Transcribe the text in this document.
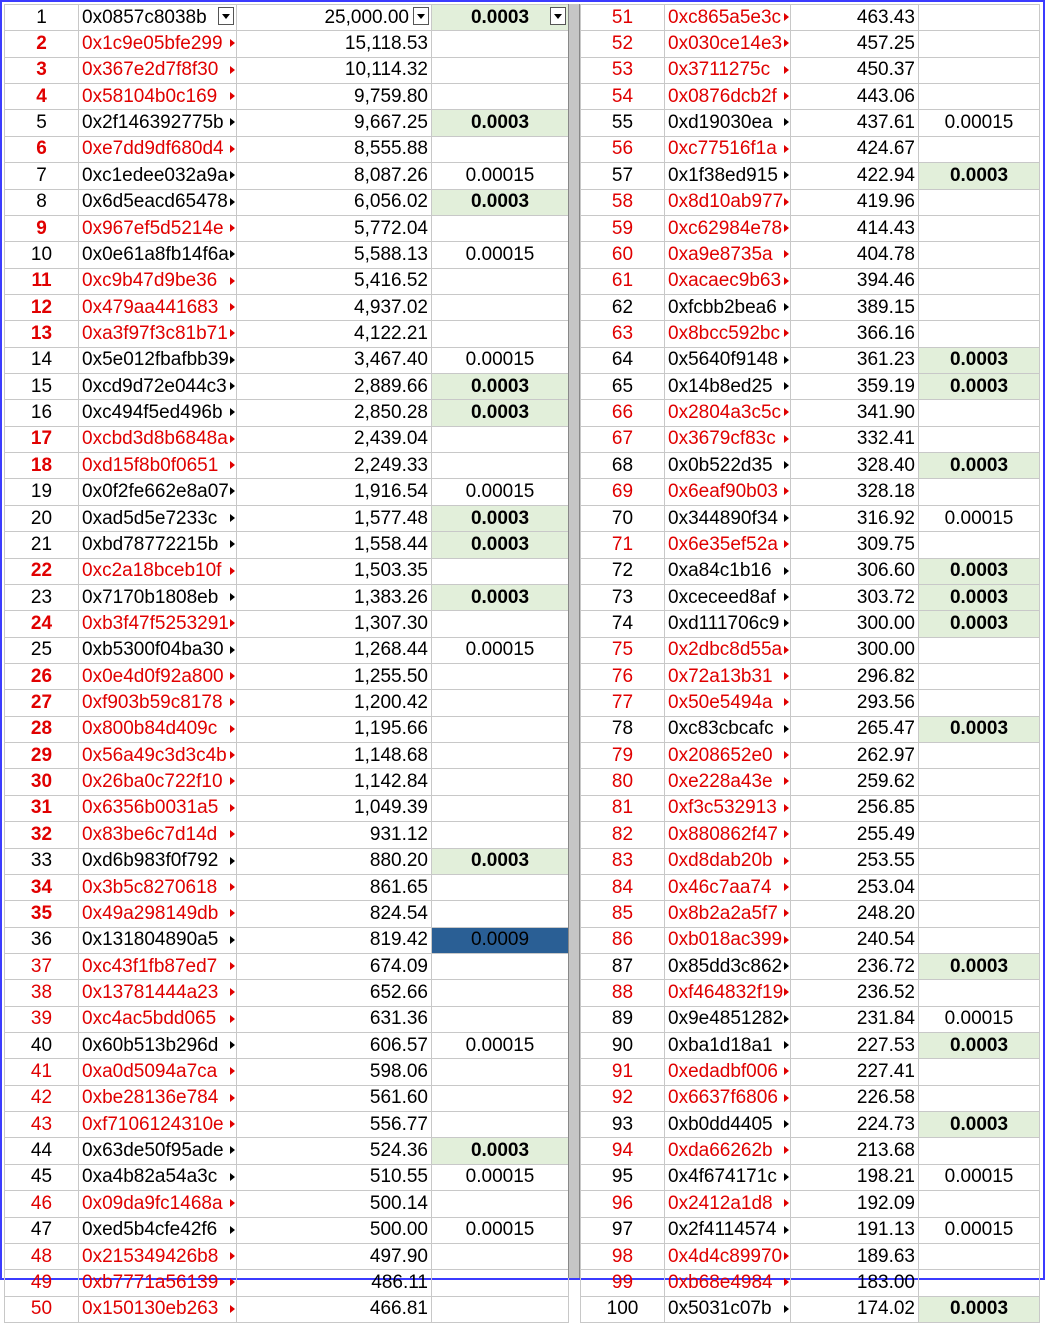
1	0x0857c8038b	25,000.00	0.0003

2	0x1c9e05bfe299	15,118.53	
3	0x367e2d7f8f30	10,114.32	
4	0x58104b0c169	9,759.80	
5	0x2f146392775b	9,667.25	0.0003
6	0xe7dd9df680d4	8,555.88	
7	0xc1edee032a9a	8,087.26	0.00015
8	0x6d5eacd65478	6,056.02	0.0003
9	0x967ef5d5214e	5,772.04	
10	0x0e61a8fb14f6a	5,588.13	0.00015
11	0xc9b47d9be36	5,416.52	
12	0x479aa441683	4,937.02	
13	0xa3f97f3c81b71	4,122.21	
14	0x5e012fbafbb39	3,467.40	0.00015
15	0xcd9d72e044c3	2,889.66	0.0003
16	0xc494f5ed496b	2,850.28	0.0003
17	0xcbd3d8b6848a	2,439.04	
18	0xd15f8b0f0651	2,249.33	
19	0x0f2fe662e8a07	1,916.54	0.00015
20	0xad5d5e7233c	1,577.48	0.0003
21	0xbd78772215b	1,558.44	0.0003
22	0xc2a18bceb10f	1,503.35	
23	0x7170b1808eb	1,383.26	0.0003
24	0xb3f47f5253291	1,307.30	
25	0xb5300f04ba30	1,268.44	0.00015
26	0x0e4d0f92a800	1,255.50	
27	0xf903b59c8178	1,200.42	
28	0x800b84d409c	1,195.66	
29	0x56a49c3d3c4b	1,148.68	
30	0x26ba0c722f10	1,142.84	
31	0x6356b0031a5	1,049.39	
32	0x83be6c7d14d	931.12	
33	0xd6b983f0f792	880.20	0.0003
34	0x3b5c8270618	861.65	
35	0x49a298149db	824.54	
36	0x131804890a5	819.42	0.0009
37	0xc43f1fb87ed7	674.09	
38	0x13781444a23	652.66	
39	0xc4ac5bdd065	631.36	
40	0x60b513b296d	606.57	0.00015
41	0xa0d5094a7ca	598.06	
42	0xbe28136e784	561.60	
43	0xf7106124310e	556.77	
44	0x63de50f95ade	524.36	0.0003
45	0xa4b82a54a3c	510.55	0.00015
46	0x09da9fc1468a	500.14	
47	0xed5b4cfe42f6	500.00	0.00015
48	0x215349426b8	497.90	
49	0xb7771a56139	486.11	
50	0x150130eb263	466.81	
51	0xc865a5e3c	463.43	
52	0x030ce14e3	457.25	
53	0x3711275c	450.37	
54	0x0876dcb2f	443.06	
55	0xd19030ea	437.61	0.00015
56	0xc77516f1a	424.67	
57	0x1f38ed915	422.94	0.0003
58	0x8d10ab977	419.96	
59	0xc62984e78	414.43	
60	0xa9e8735a	404.78	
61	0xacaec9b63	394.46	
62	0xfcbb2bea6	389.15	
63	0x8bcc592bc	366.16	
64	0x5640f9148	361.23	0.0003
65	0x14b8ed25	359.19	0.0003
66	0x2804a3c5c	341.90	
67	0x3679cf83c	332.41	
68	0x0b522d35	328.40	0.0003
69	0x6eaf90b03	328.18	
70	0x344890f34	316.92	0.00015
71	0x6e35ef52a	309.75	
72	0xa84c1b16	306.60	0.0003
73	0xceceed8af	303.72	0.0003
74	0xd111706c9	300.00	0.0003
75	0x2dbc8d55a	300.00	
76	0x72a13b31	296.82	
77	0x50e5494a	293.56	
78	0xc83cbcafc	265.47	0.0003
79	0x208652e0	262.97	
80	0xe228a43e	259.62	
81	0xf3c532913	256.85	
82	0x880862f47	255.49	
83	0xd8dab20b	253.55	
84	0x46c7aa74	253.04	
85	0x8b2a2a5f7	248.20	
86	0xb018ac399	240.54	
87	0x85dd3c862	236.72	0.0003
88	0xf464832f19	236.52	
89	0x9e4851282	231.84	0.00015
90	0xba1d18a1	227.53	0.0003
91	0xedadbf006	227.41	
92	0x6637f6806	226.58	
93	0xb0dd4405	224.73	0.0003
94	0xda66262b	213.68	
95	0x4f674171c	198.21	0.00015
96	0x2412a1d8	192.09	
97	0x2f4114574	191.13	0.00015
98	0x4d4c89970	189.63	
99	0xb68e4984	183.00	
100	0x5031c07b	174.02	0.0003
